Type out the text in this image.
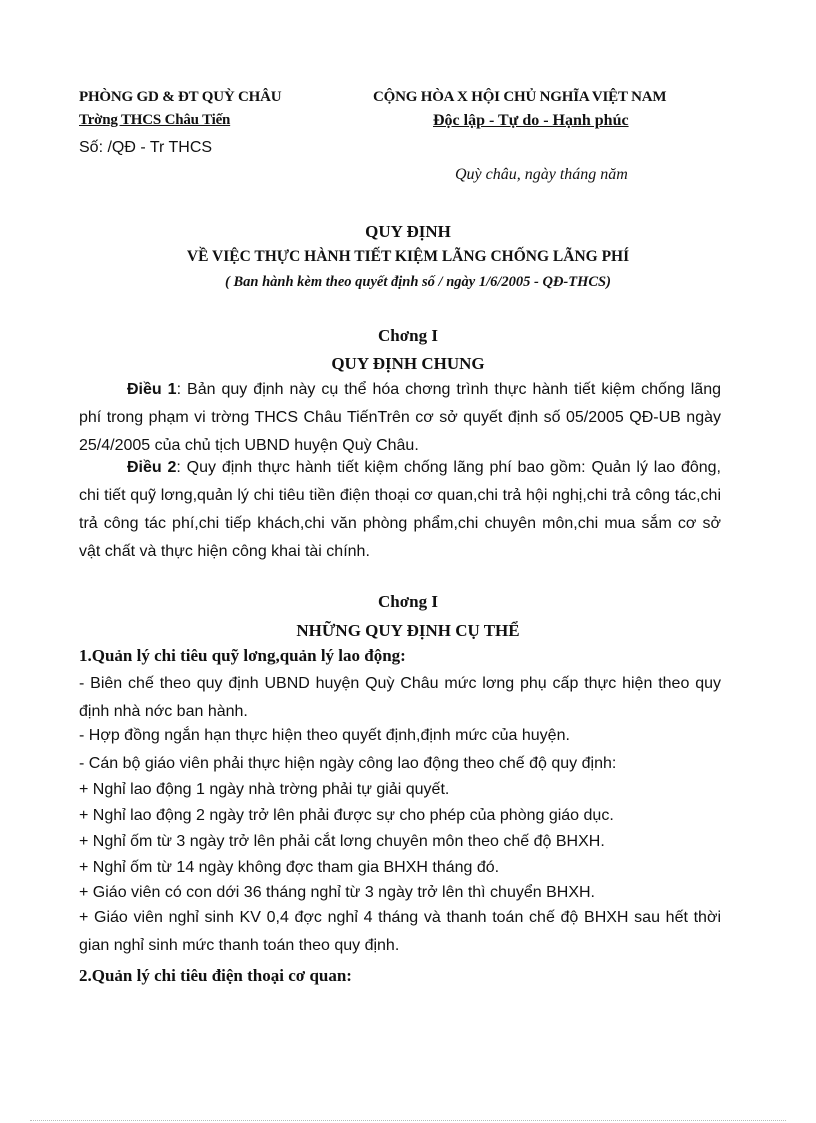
PHÒNG GD & ĐT QUỲ CHÂU
Trờng THCS Châu Tiến
Số: /QĐ - Tr THCS
CỘNG HÒA X HỘI CHỦ NGHĨA VIỆT NAM
Độc lập - Tự do - Hạnh phúc
Quỳ châu, ngày tháng năm
QUY ĐỊNH
VỀ VIỆC THỰC HÀNH TIẾT KIỆM LÃNG CHỐNG LÃNG PHÍ
( Ban hành kèm theo quyết định số / ngày 1/6/2005 - QĐ-THCS)
Chơng I
QUY ĐỊNH CHUNG

Điều 1: Bản quy định này cụ thể hóa chơng trình thực hành tiết kiệm chống lãng phí trong phạm vi trờng THCS Châu TiếnTrên cơ sở quyết định số 05/2005 QĐ-UB ngày 25/4/2005 của chủ tịch UBND huyện Quỳ Châu.

Điều 2: Quy định thực hành tiết kiệm chống lãng phí bao gồm: Quản lý lao đông, chi tiết quỹ lơng,quản lý chi tiêu tiền điện thoại cơ quan,chi trả hội nghị,chi trả công tác,chi trả công tác phí,chi tiếp khách,chi văn phòng phẩm,chi chuyên môn,chi mua sắm cơ sở vật chất và thực hiện công khai tài chính.

Chơng I
NHỮNG QUY ĐỊNH CỤ THỂ
1.Quản lý chi tiêu quỹ lơng,quản lý lao động:

- Biên chế theo quy định UBND huyện Quỳ Châu mức lơng phụ cấp thực hiện theo quy định nhà nớc ban hành.

- Hợp đồng ngắn hạn thực hiện theo quyết định,định mức của huyện.
- Cán bộ giáo viên phải thực hiện ngày công lao động theo chế độ quy định:
+ Nghỉ lao động 1 ngày nhà trờng phải tự giải quyết.
+ Nghỉ lao động 2 ngày trở lên phải được sự cho phép của phòng giáo dục.
+ Nghỉ ốm từ 3 ngày trở lên phải cắt lơng chuyên môn theo chế độ BHXH.
+ Nghỉ ốm từ 14 ngày không đợc tham gia BHXH tháng đó.
+ Giáo viên có con dới 36 tháng nghỉ từ 3 ngày trở lên thì chuyển BHXH.

+ Giáo viên nghỉ sinh KV 0,4 đợc nghỉ 4 tháng và thanh toán chế độ BHXH sau hết thời gian nghỉ sinh mức thanh toán theo quy định.

2.Quản lý chi tiêu điện thoại cơ quan:
